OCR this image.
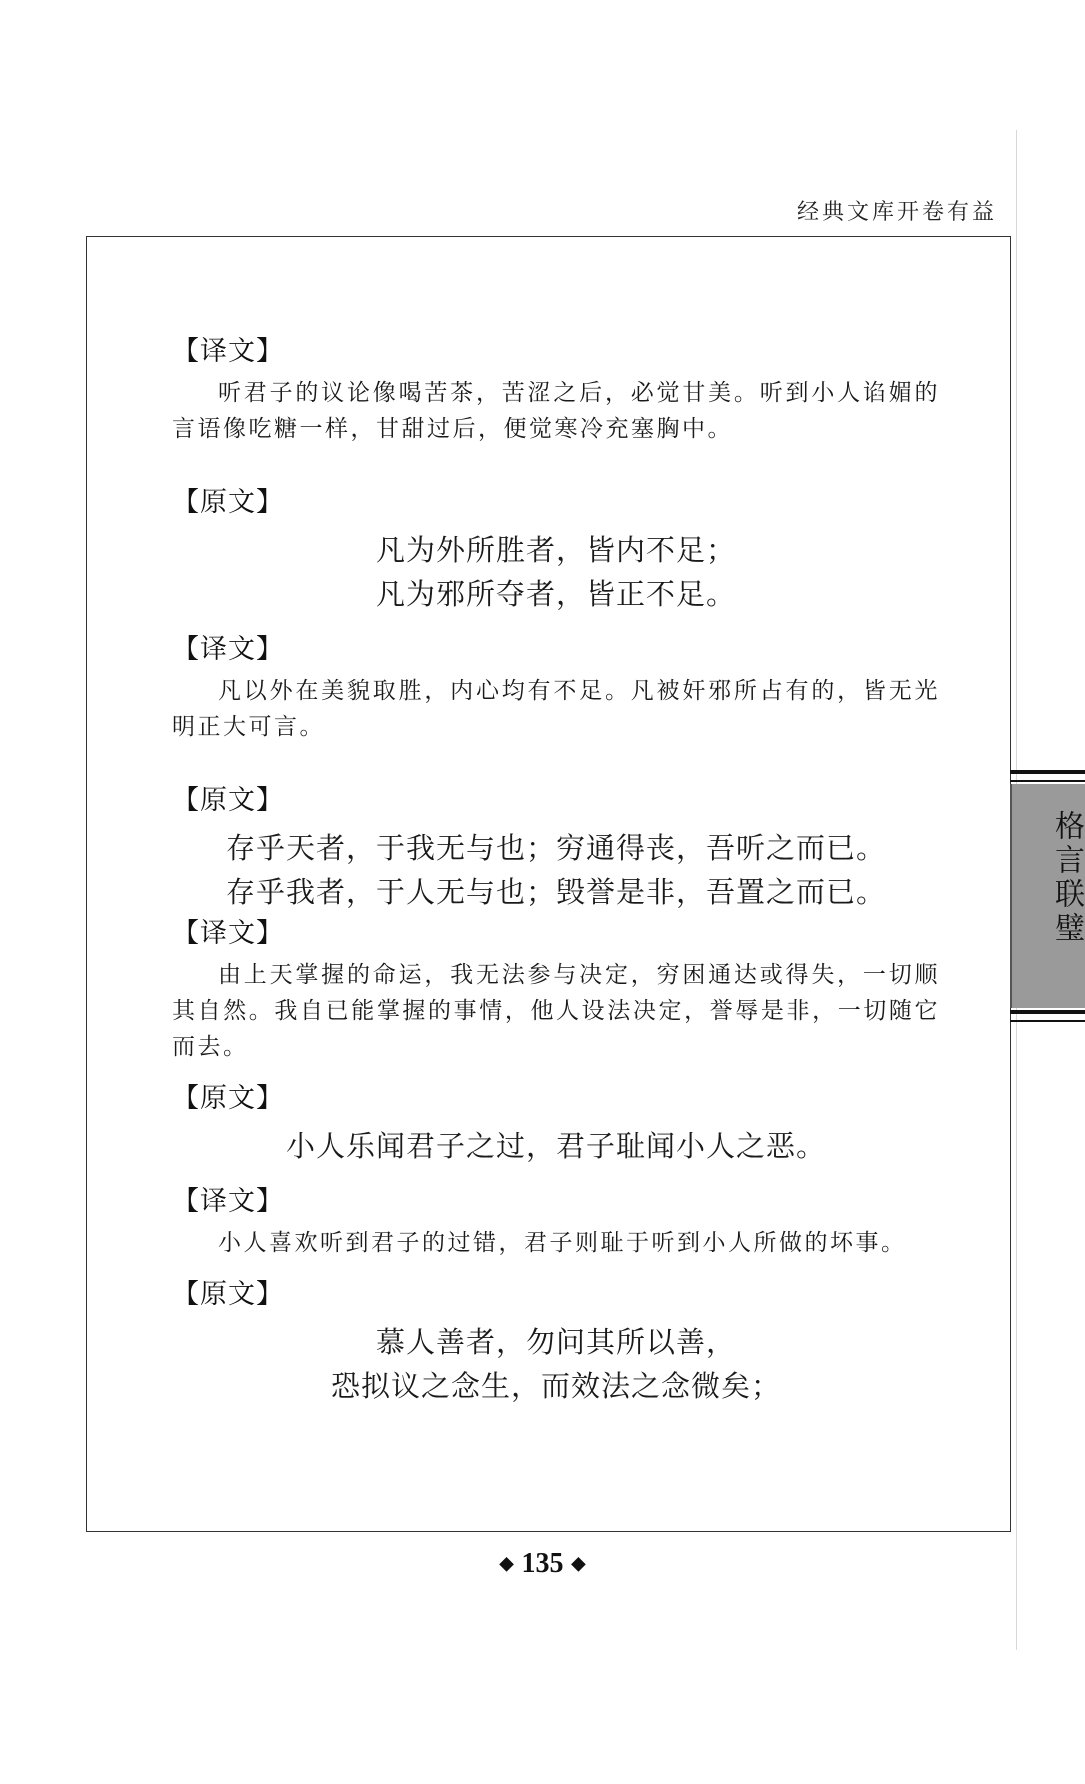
经典文库开卷有益
【译文】

听君子的议论像喝苦茶，苦涩之后，必觉甘美。听到小人谄媚的言语像吃糖一样，甘甜过后，便觉寒冷充塞胸中。

【原文】
凡为外所胜者，皆内不足；
凡为邪所夺者，皆正不足。
【译文】

凡以外在美貌取胜，内心均有不足。凡被奸邪所占有的，皆无光明正大可言。

【原文】
存乎天者，于我无与也；穷通得丧，吾听之而已。
存乎我者，于人无与也；毁誉是非，吾置之而已。
【译文】

由上天掌握的命运，我无法参与决定，穷困通达或得失，一切顺其自然。我自已能掌握的事情，他人设法决定，誉辱是非，一切随它而去。

【原文】
小人乐闻君子之过，君子耻闻小人之恶。
【译文】

小人喜欢听到君子的过错，君子则耻于听到小人所做的坏事。

【原文】
慕人善者，勿问其所以善，
恐拟议之念生，而效法之念微矣；
格言联璧
◆ 135 ◆
